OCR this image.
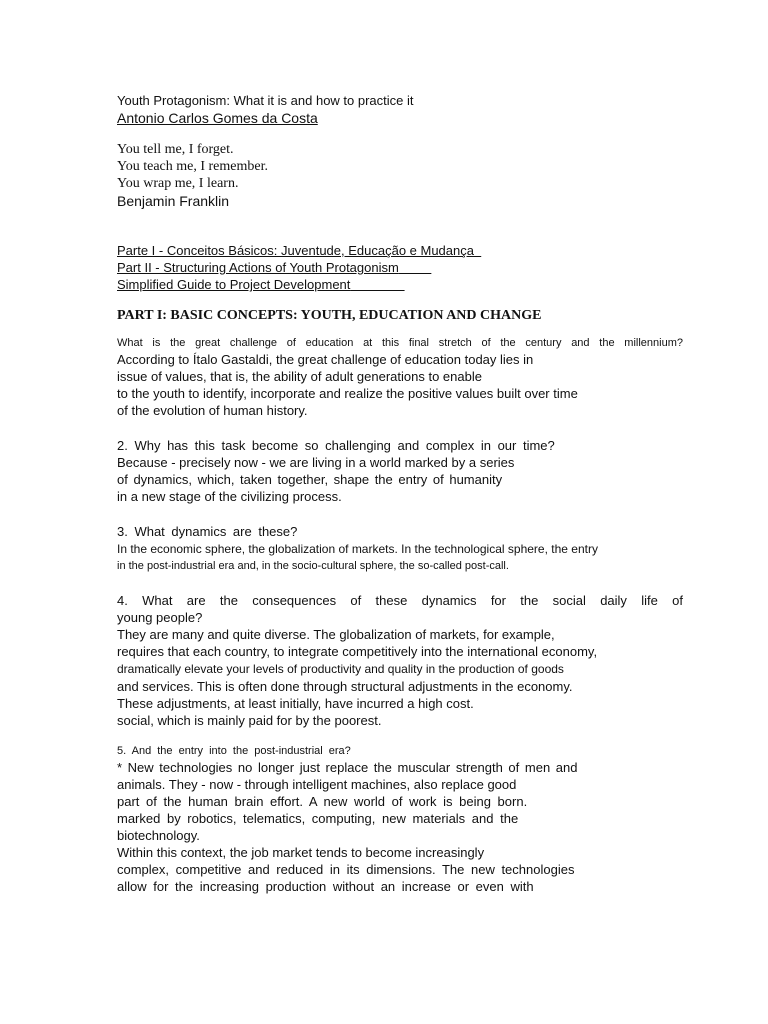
Youth Protagonism: What it is and how to practice it
Antonio Carlos Gomes da Costa
You tell me, I forget.
You teach me, I remember.
You wrap me, I learn.
Benjamin Franklin
Parte I - Conceitos Básicos: Juventude, Educação e Mudança
Part II - Structuring Actions of Youth Protagonism
Simplified Guide to Project Development
PART I: BASIC CONCEPTS: YOUTH, EDUCATION AND CHANGE
What is the great challenge of education at this final stretch of the century and the millennium?
According to Ítalo Gastaldi, the great challenge of education today lies in
issue of values, that is, the ability of adult generations to enable
to the youth to identify, incorporate and realize the positive values built over time
of the evolution of human history.
2. Why has this task become so challenging and complex in our time?
Because - precisely now - we are living in a world marked by a series
of dynamics, which, taken together, shape the entry of humanity
in a new stage of the civilizing process.
3. What dynamics are these?
In the economic sphere, the globalization of markets. In the technological sphere, the entry
in the post-industrial era and, in the socio-cultural sphere, the so-called post-call.
4. What are the consequences of these dynamics for the social daily life of
young people?
They are many and quite diverse. The globalization of markets, for example,
requires that each country, to integrate competitively into the international economy,
dramatically elevate your levels of productivity and quality in the production of goods
and services. This is often done through structural adjustments in the economy.
These adjustments, at least initially, have incurred a high cost.
social, which is mainly paid for by the poorest.
5. And the entry into the post-industrial era?
* New technologies no longer just replace the muscular strength of men and
animals. They - now - through intelligent machines, also replace good
part of the human brain effort. A new world of work is being born.
marked by robotics, telematics, computing, new materials and the
biotechnology.
Within this context, the job market tends to become increasingly
complex, competitive and reduced in its dimensions. The new technologies
allow for the increasing production without an increase or even with
